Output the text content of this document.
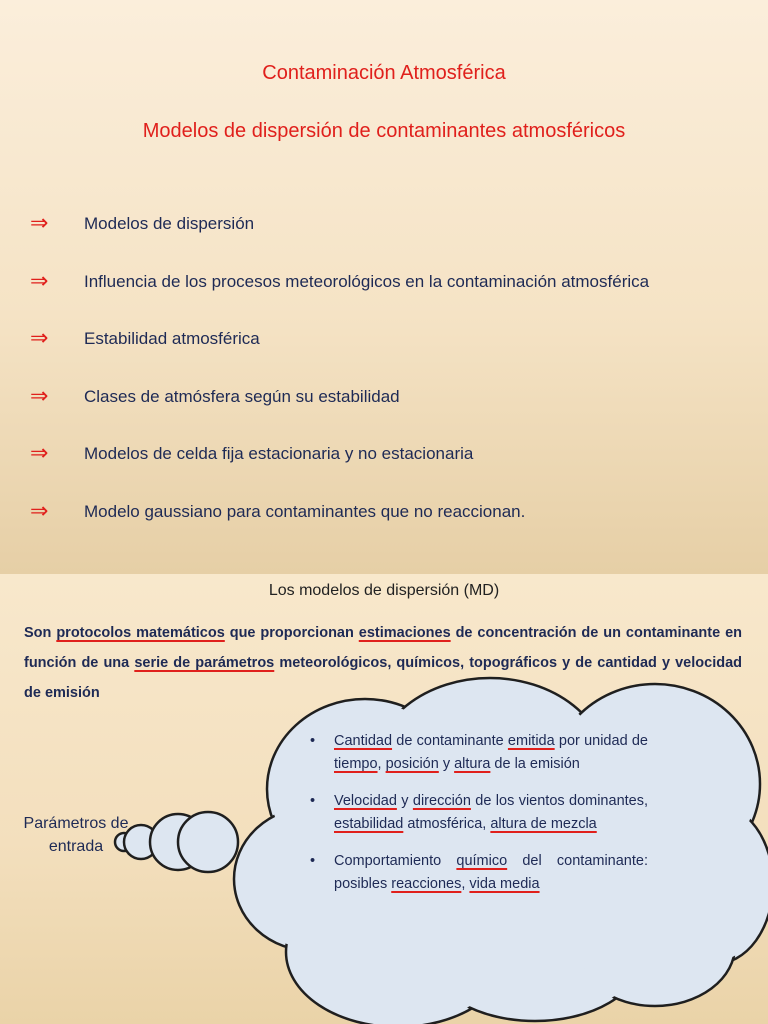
Contaminación Atmosférica
Modelos de dispersión de contaminantes atmosféricos
⇒ Modelos de dispersión
⇒ Influencia de los procesos meteorológicos en la contaminación atmosférica
⇒ Estabilidad atmosférica
⇒ Clases de atmósfera según su estabilidad
⇒ Modelos de celda fija estacionaria y no estacionaria
⇒ Modelo gaussiano para contaminantes que no reaccionan.
Los modelos de dispersión (MD)
Son protocolos matemáticos que proporcionan estimaciones de concentración de un contaminante en función de una serie de parámetros meteorológicos, químicos, topográficos y de cantidad y velocidad de emisión
Parámetros de entrada
• Cantidad de contaminante emitida por unidad de tiempo, posición y altura de la emisión
• Velocidad y dirección de los vientos dominantes, estabilidad atmosférica, altura de mezcla
• Comportamiento químico del contaminante: posibles reacciones, vida media
